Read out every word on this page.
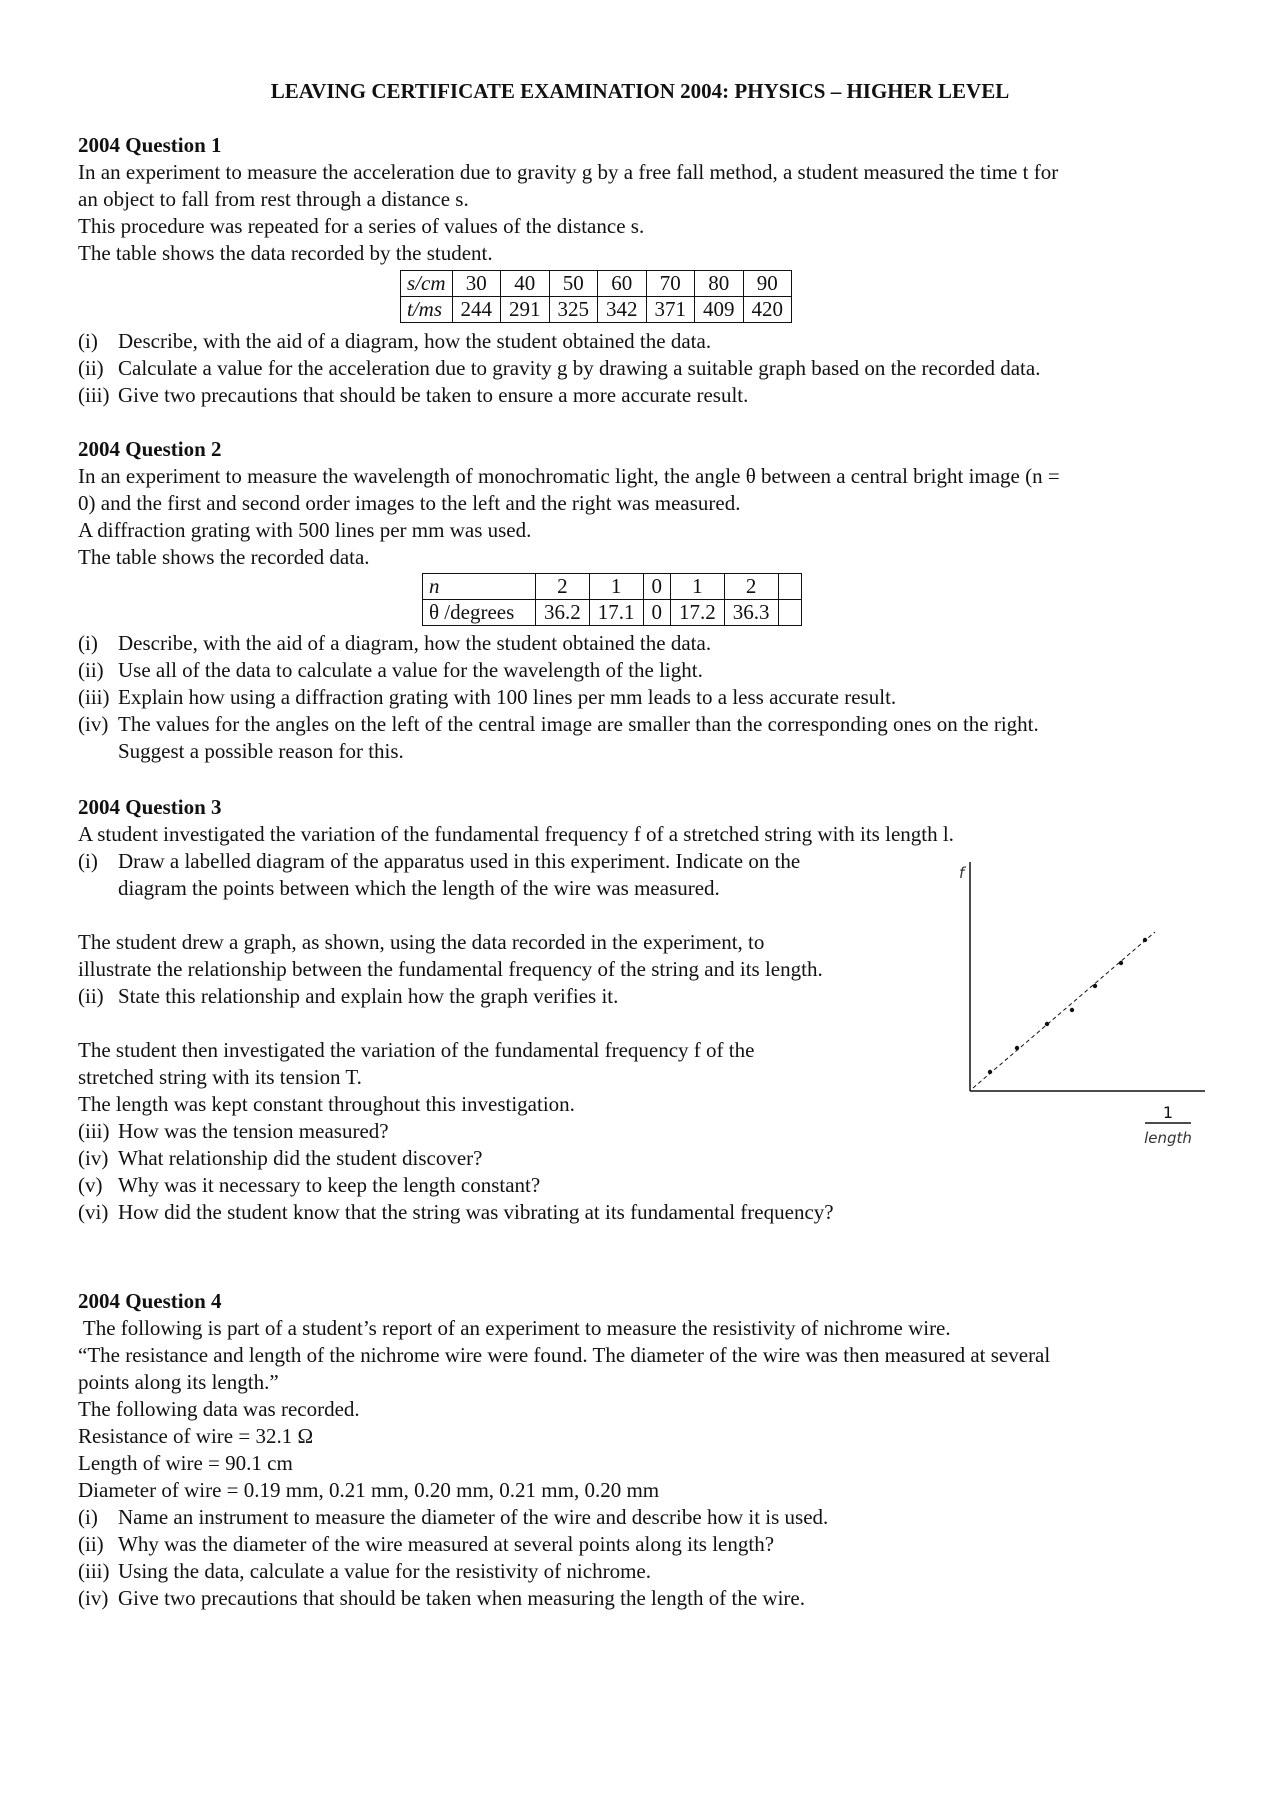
LEAVING CERTIFICATE EXAMINATION 2004: PHYSICS – HIGHER LEVEL

2004 Question 1

In an experiment to measure the acceleration due to gravity g by a free fall method, a student measured the time t for

an object to fall from rest through a distance s.

This procedure was repeated for a series of values of the distance s.

The table shows the data recorded by the student.

s/cm	30	40	50	60	70	80	90
t/ms	244	291	325	342	371	409	420
(i) Describe, with the aid of a diagram, how the student obtained the data.
(ii) Calculate a value for the acceleration due to gravity g by drawing a suitable graph based on the recorded data.
(iii) Give two precautions that should be taken to ensure a more accurate result.

2004 Question 2

In an experiment to measure the wavelength of monochromatic light, the angle θ between a central bright image (n =

0) and the first and second order images to the left and the right was measured.

A diffraction grating with 500 lines per mm was used.

The table shows the recorded data.

n	2	1	0	1	2	
θ /degrees	36.2	17.1	0	17.2	36.3	
(i) Describe, with the aid of a diagram, how the student obtained the data.
(ii) Use all of the data to calculate a value for the wavelength of the light.
(iii) Explain how using a diffraction grating with 100 lines per mm leads to a less accurate result.
(iv) The values for the angles on the left of the central image are smaller than the corresponding ones on the right.
Suggest a possible reason for this.

2004 Question 3

A student investigated the variation of the fundamental frequency f of a stretched string with its length l.

(i) Draw a labelled diagram of the apparatus used in this experiment. Indicate on the
diagram the points between which the length of the wire was measured.

The student drew a graph, as shown, using the data recorded in the experiment, to

illustrate the relationship between the fundamental frequency of the string and its length.

(ii) State this relationship and explain how the graph verifies it.

The student then investigated the variation of the fundamental frequency f of the

stretched string with its tension T.

The length was kept constant throughout this investigation.

(iii) How was the tension measured?
(iv) What relationship did the student discover?
(v) Why was it necessary to keep the length constant?
(vi) How did the student know that the string was vibrating at its fundamental frequency?
f
1
length

2004 Question 4

The following is part of a student’s report of an experiment to measure the resistivity of nichrome wire.

“The resistance and length of the nichrome wire were found. The diameter of the wire was then measured at several

points along its length.”

The following data was recorded.

Resistance of wire = 32.1 Ω

Length of wire = 90.1 cm

Diameter of wire = 0.19 mm, 0.21 mm, 0.20 mm, 0.21 mm, 0.20 mm

(i) Name an instrument to measure the diameter of the wire and describe how it is used.
(ii) Why was the diameter of the wire measured at several points along its length?
(iii) Using the data, calculate a value for the resistivity of nichrome.
(iv) Give two precautions that should be taken when measuring the length of the wire.
